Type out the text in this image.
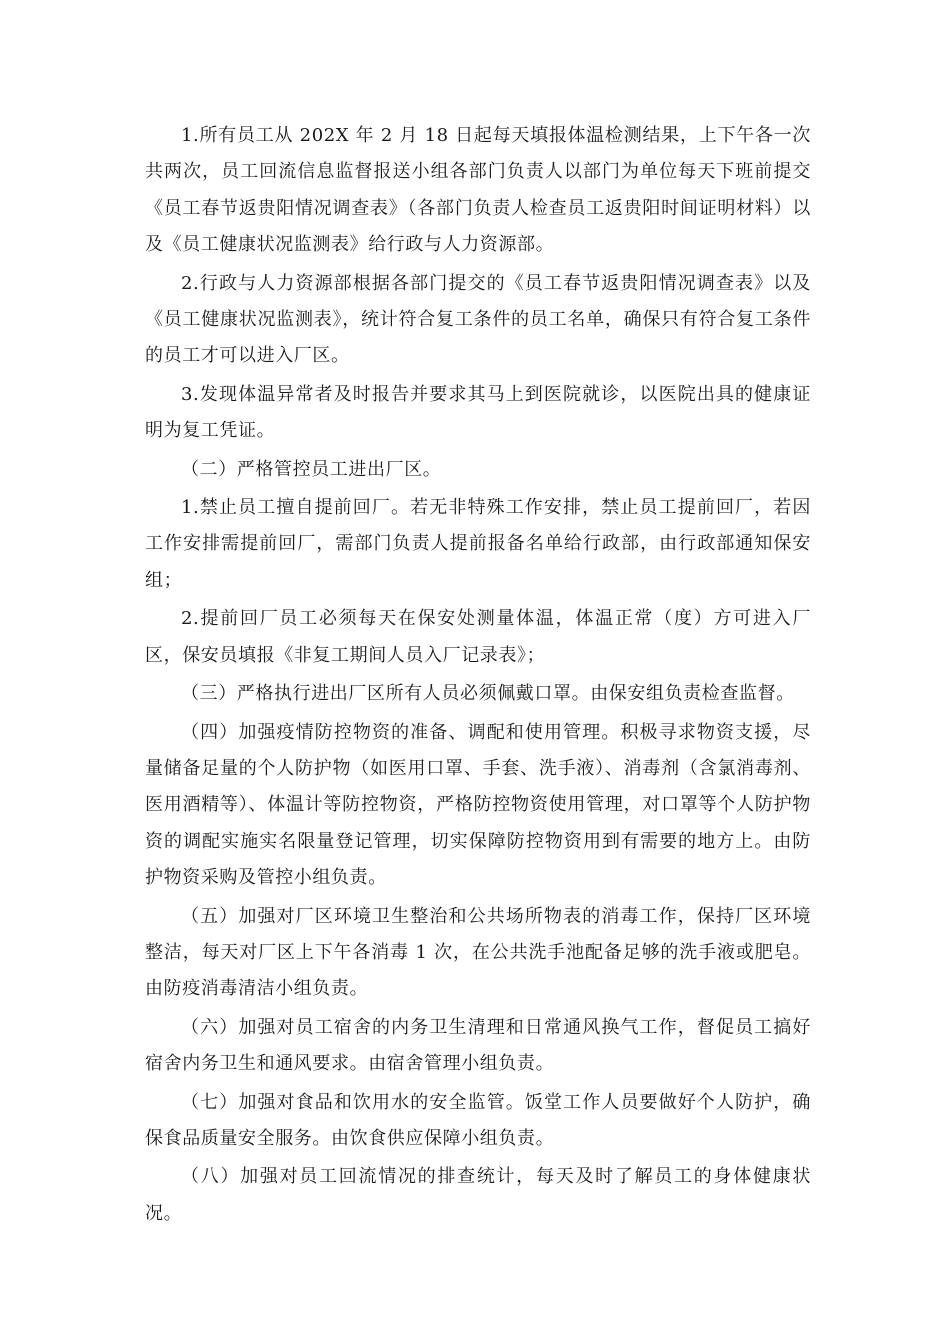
1.所有员工从 202X 年 2 月 18 日起每天填报体温检测结果，上下午各一次共两次，员工回流信息监督报送小组各部门负责人以部门为单位每天下班前提交《员工春节返贵阳情况调查表》（各部门负责人检查员工返贵阳时间证明材料）以及《员工健康状况监测表》给行政与人力资源部。

2.行政与人力资源部根据各部门提交的《员工春节返贵阳情况调查表》以及《员工健康状况监测表》，统计符合复工条件的员工名单，确保只有符合复工条件的员工才可以进入厂区。

3.发现体温异常者及时报告并要求其马上到医院就诊，以医院出具的健康证明为复工凭证。

（二）严格管控员工进出厂区。

1.禁止员工擅自提前回厂。若无非特殊工作安排，禁止员工提前回厂，若因工作安排需提前回厂，需部门负责人提前报备名单给行政部，由行政部通知保安组；

2.提前回厂员工必须每天在保安处测量体温，体温正常（度）方可进入厂区，保安员填报《非复工期间人员入厂记录表》；

（三）严格执行进出厂区所有人员必须佩戴口罩。由保安组负责检查监督。

（四）加强疫情防控物资的准备、调配和使用管理。积极寻求物资支援，尽量储备足量的个人防护物（如医用口罩、手套、洗手液）、消毒剂（含氯消毒剂、医用酒精等）、体温计等防控物资，严格防控物资使用管理，对口罩等个人防护物资的调配实施实名限量登记管理，切实保障防控物资用到有需要的地方上。由防护物资采购及管控小组负责。

（五）加强对厂区环境卫生整治和公共场所物表的消毒工作，保持厂区环境整洁，每天对厂区上下午各消毒 1 次，在公共洗手池配备足够的洗手液或肥皂。由防疫消毒清洁小组负责。

（六）加强对员工宿舍的内务卫生清理和日常通风换气工作，督促员工搞好宿舍内务卫生和通风要求。由宿舍管理小组负责。

（七）加强对食品和饮用水的安全监管。饭堂工作人员要做好个人防护，确保食品质量安全服务。由饮食供应保障小组负责。

（八）加强对员工回流情况的排查统计，每天及时了解员工的身体健康状况。
